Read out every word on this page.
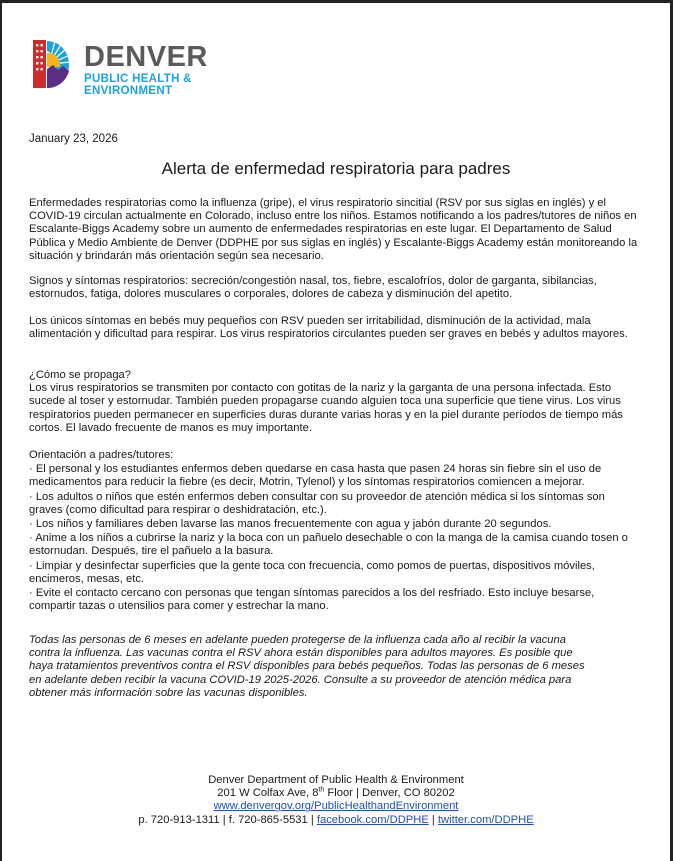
DENVER
PUBLIC HEALTH &
ENVIRONMENT
January 23, 2026
Alerta de enfermedad respiratoria para padres

Enfermedades respiratorias como la influenza (gripe), el virus respiratorio sincitial (RSV por sus siglas en inglés) y el COVID-19 circulan actualmente en Colorado, incluso entre los niños. Estamos notificando a los padres/tutores de niños en Escalante-Biggs Academy sobre un aumento de enfermedades respiratorias en este lugar. El Departamento de Salud Pública y Medio Ambiente de Denver (DDPHE por sus siglas en inglés) y Escalante-Biggs Academy están monitoreando la situación y brindarán más orientación según sea necesario.

Signos y síntomas respiratorios: secreción/congestión nasal, tos, fiebre, escalofríos, dolor de garganta, sibilancias, estornudos, fatiga, dolores musculares o corporales, dolores de cabeza y disminución del apetito.

Los únicos síntomas en bebés muy pequeños con RSV pueden ser irritabilidad, disminución de la actividad, mala alimentación y dificultad para respirar. Los virus respiratorios circulantes pueden ser graves en bebés y adultos mayores.

¿Cómo se propaga?
Los virus respiratorios se transmiten por contacto con gotitas de la nariz y la garganta de una persona infectada. Esto sucede al toser y estornudar. También pueden propagarse cuando alguien toca una superficie que tiene virus. Los virus respiratorios pueden permanecer en superficies duras durante varias horas y en la piel durante períodos de tiempo más cortos. El lavado frecuente de manos es muy importante.
Orientación a padres/tutores:
· El personal y los estudiantes enfermos deben quedarse en casa hasta que pasen 24 horas sin fiebre sin el uso de medicamentos para reducir la fiebre (es decir, Motrin, Tylenol) y los síntomas respiratorios comiencen a mejorar.
· Los adultos o niños que estén enfermos deben consultar con su proveedor de atención médica si los síntomas son graves (como dificultad para respirar o deshidratación, etc.).
· Los niños y familiares deben lavarse las manos frecuentemente con agua y jabón durante 20 segundos.
· Anime a los niños a cubrirse la nariz y la boca con un pañuelo desechable o con la manga de la camisa cuando tosen o estornudan. Después, tire el pañuelo a la basura.
· Limpiar y desinfectar superficies que la gente toca con frecuencia, como pomos de puertas, dispositivos móviles, encimeros, mesas, etc.
· Evite el contacto cercano con personas que tengan síntomas parecidos a los del resfriado. Esto incluye besarse, compartir tazas o utensilios para comer y estrechar la mano.

Todas las personas de 6 meses en adelante pueden protegerse de la influenza cada año al recibir la vacuna contra la influenza. Las vacunas contra el RSV ahora están disponibles para adultos mayores. Es posible que haya tratamientos preventivos contra el RSV disponibles para bebés pequeños. Todas las personas de 6 meses en adelante deben recibir la vacuna COVID-19 2025-2026. Consulte a su proveedor de atención médica para obtener más información sobre las vacunas disponibles.

Denver Department of Public Health & Environment
201 W Colfax Ave, 8th Floor | Denver, CO 80202
www.denvergov.org/PublicHealthandEnvironment
p. 720-913-1311 | f. 720-865-5531 | facebook.com/DDPHE | twitter.com/DDPHE
